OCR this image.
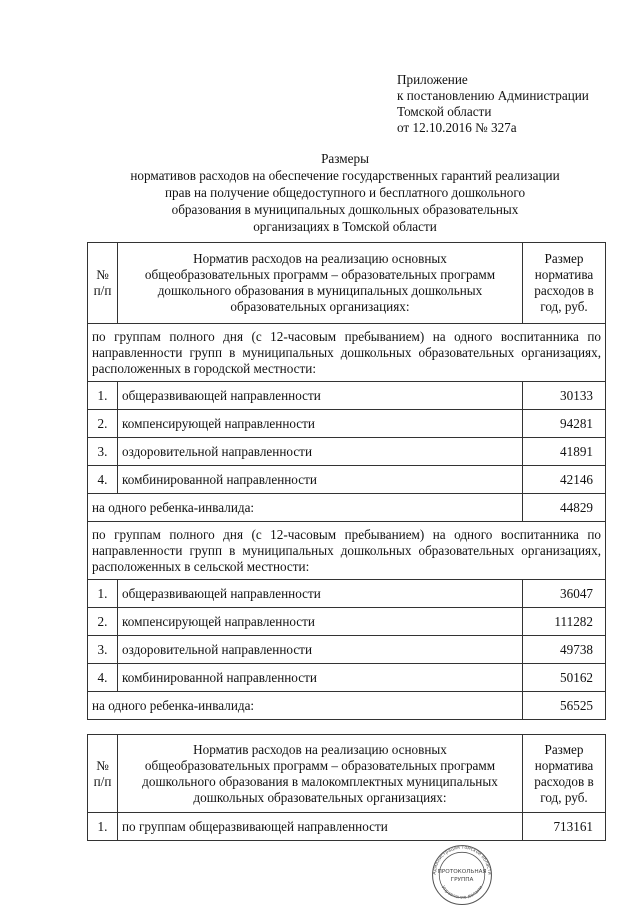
Приложение
к постановлению Администрации
Томской области
от 12.10.2016 № 327а
Размеры
нормативов расходов на обеспечение государственных гарантий реализации
прав на получение общедоступного и бесплатного дошкольного
образования в муниципальных дошкольных образовательных
организациях в Томской области
№ п/п	Норматив расходов на реализацию основных общеобразовательных программ – образовательных программ дошкольного образования в муниципальных дошкольных образовательных организациях:	Размер норматива расходов в год, руб.
по группам полного дня (с 12-часовым пребыванием) на одного воспитанника по направленности групп в муниципальных дошкольных образовательных организациях, расположенных в городской местности:		
1.	общеразвивающей направленности	30133
2.	компенсирующей направленности	94281
3.	оздоровительной направленности	41891
4.	комбинированной направленности	42146
на одного ребенка-инвалида:		44829
по группам полного дня (с 12-часовым пребыванием) на одного воспитанника по направленности групп в муниципальных дошкольных образовательных организациях, расположенных в сельской местности:		
1.	общеразвивающей направленности	36047
2.	компенсирующей направленности	111282
3.	оздоровительной направленности	49738
4.	комбинированной направленности	50162
на одного ребенка-инвалида:		56525
№ п/п	Норматив расходов на реализацию основных общеобразовательных программ – образовательных программ дошкольного образования в малокомплектных муниципальных дошкольных образовательных организациях:	Размер норматива расходов в год, руб.
1.	по группам общеразвивающей направленности	713161
Администрация Томской области
Управление делами
ПРОТОКОЛЬНАЯ
ГРУППА
